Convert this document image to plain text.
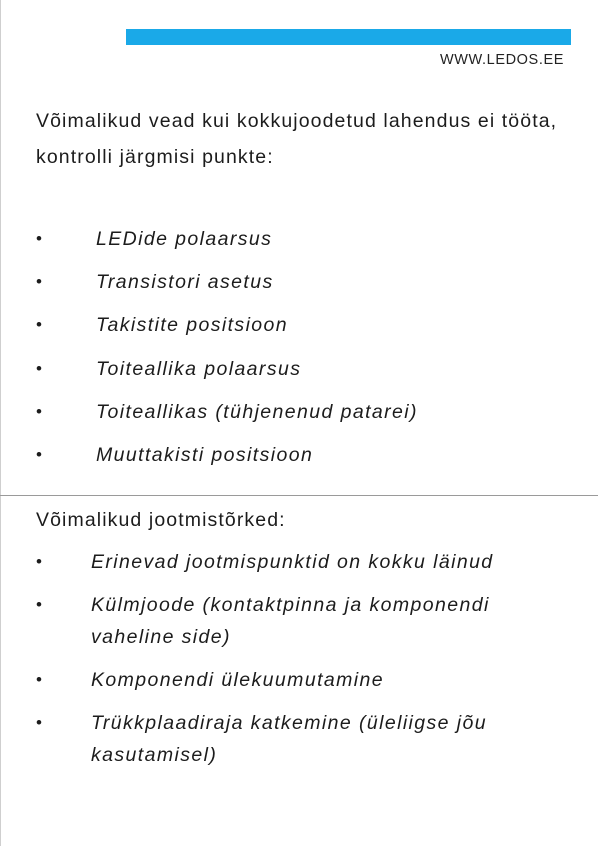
WWW.LEDOS.EE

Võimalikud vead kui kokkujoodetud lahendus ei tööta, kontrolli järgmisi punkte:

•	LEDide polaarsus
•	Transistori asetus
•	Takistite positsioon
•	Toiteallika polaarsus
•	Toiteallikas (tühjenenud patarei)
•	Muuttakisti positsioon

Võimalikud jootmistõrked:

•	Erinevad jootmispunktid on kokku läinud
•	Külmjoode (kontaktpinna ja komponendi vaheline side)
•	Komponendi ülekuumutamine
•	Trükkplaadiraja katkemine (üleliigse jõu kasutamisel)
